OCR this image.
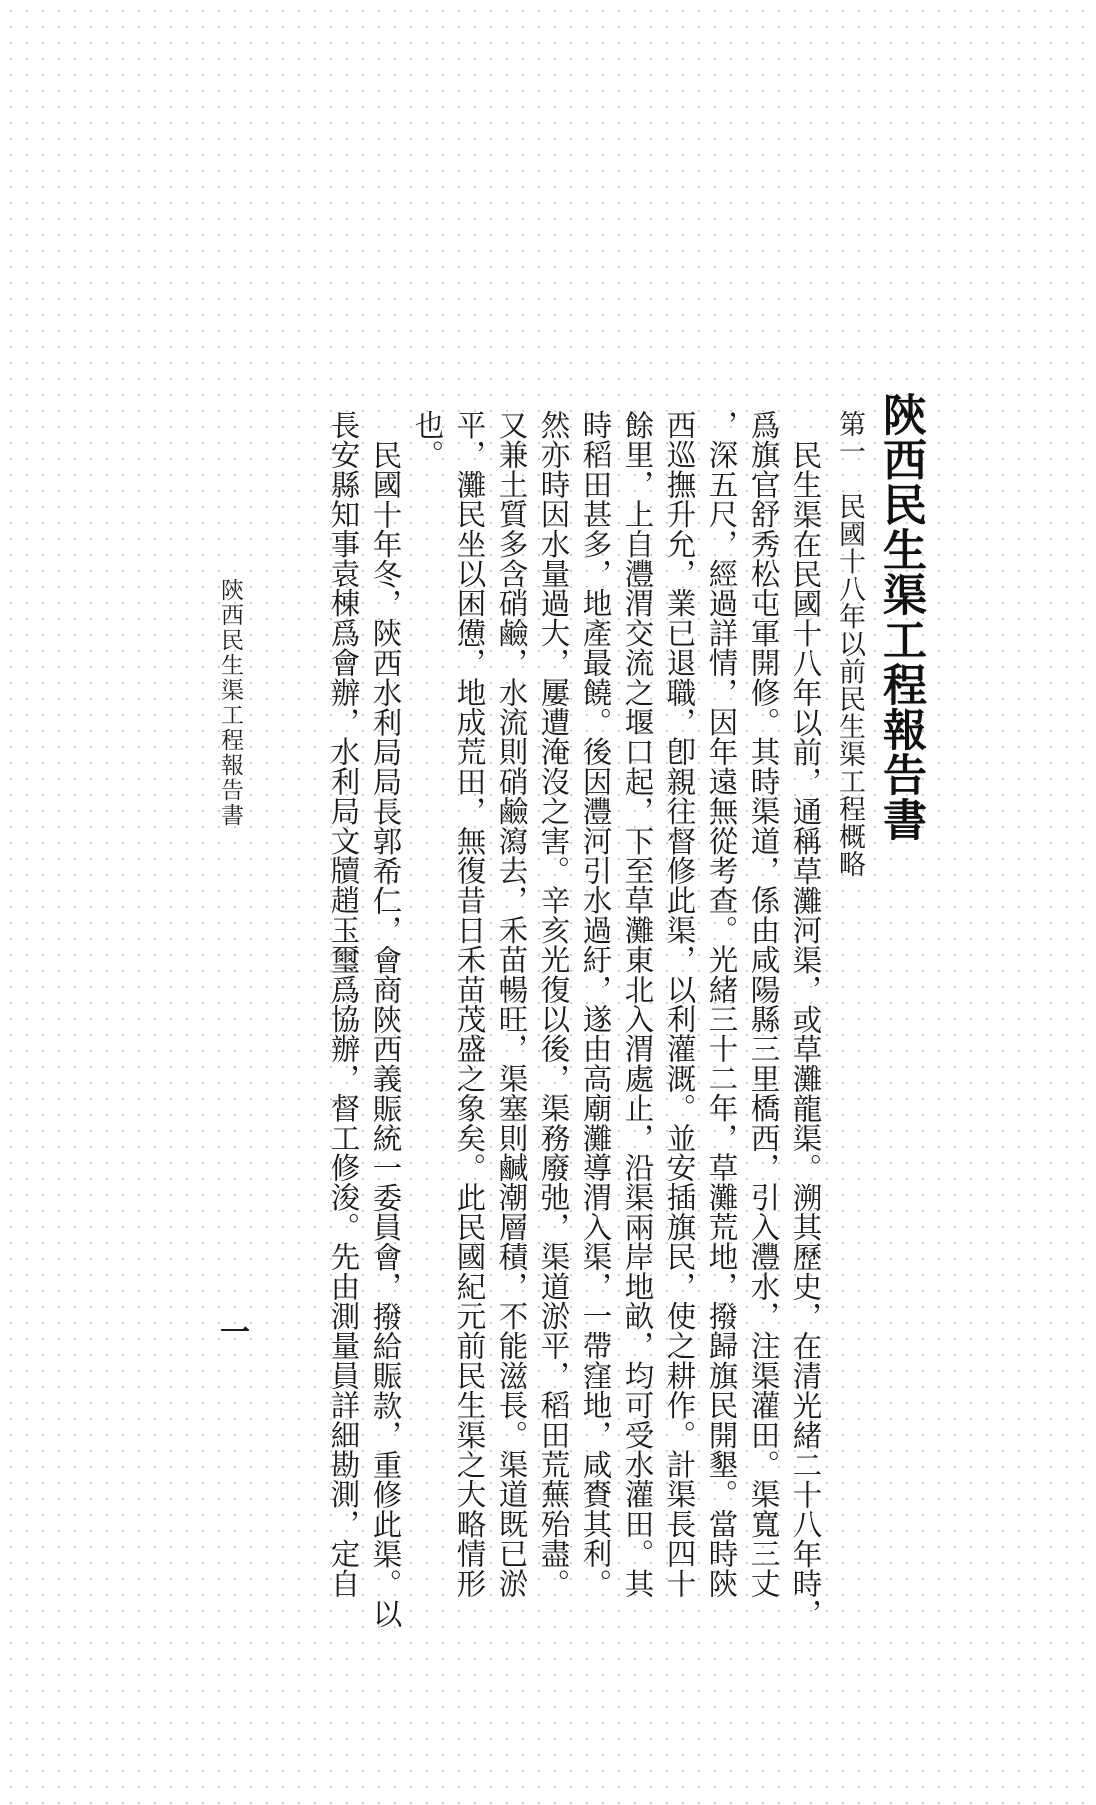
陝西民生渠工程報告書
第一　民國十八年以前民生渠工程概略
民生渠在民國十八年以前，通稱草灘河渠，或草灘龍渠。溯其歷史，在清光緒二十八年時，
爲旗官舒秀松屯軍開修。其時渠道，係由咸陽縣三里橋西，引入灃水，注渠灌田。渠寬三丈
，深五尺，經過詳情，因年遠無從考查。光緒三十二年，草灘荒地，撥歸旗民開墾。當時陝
西巡撫升允，業已退職，卽親往督修此渠，以利灌溉。並安插旗民，使之耕作。計渠長四十
餘里，上自灃渭交流之堰口起，下至草灘東北入渭處止，沿渠兩岸地畝，均可受水灌田。其
時稻田甚多，地產最饒。後因灃河引水過紆，遂由高廟灘導渭入渠，一帶窪地，咸賚其利。
然亦時因水量過大，屢遭淹沒之害。辛亥光復以後，渠務廢弛，渠道淤平，稻田荒蕪殆盡。
又兼土質多含硝鹼，水流則硝鹼瀉去，禾苗暢旺，渠塞則鹹潮層積，不能滋長。渠道既已淤
平，灘民坐以困憊，地成荒田，無復昔日禾苗茂盛之象矣。此民國紀元前民生渠之大略情形
也。
民國十年冬，陝西水利局局長郭希仁，會商陝西義賑統一委員會，撥給賑款，重修此渠。以
長安縣知事袁棟爲會辦，水利局文牘趙玉璽爲協辦，督工修浚。先由測量員詳細勘測，定自
陝西民生渠工程報告書
一
